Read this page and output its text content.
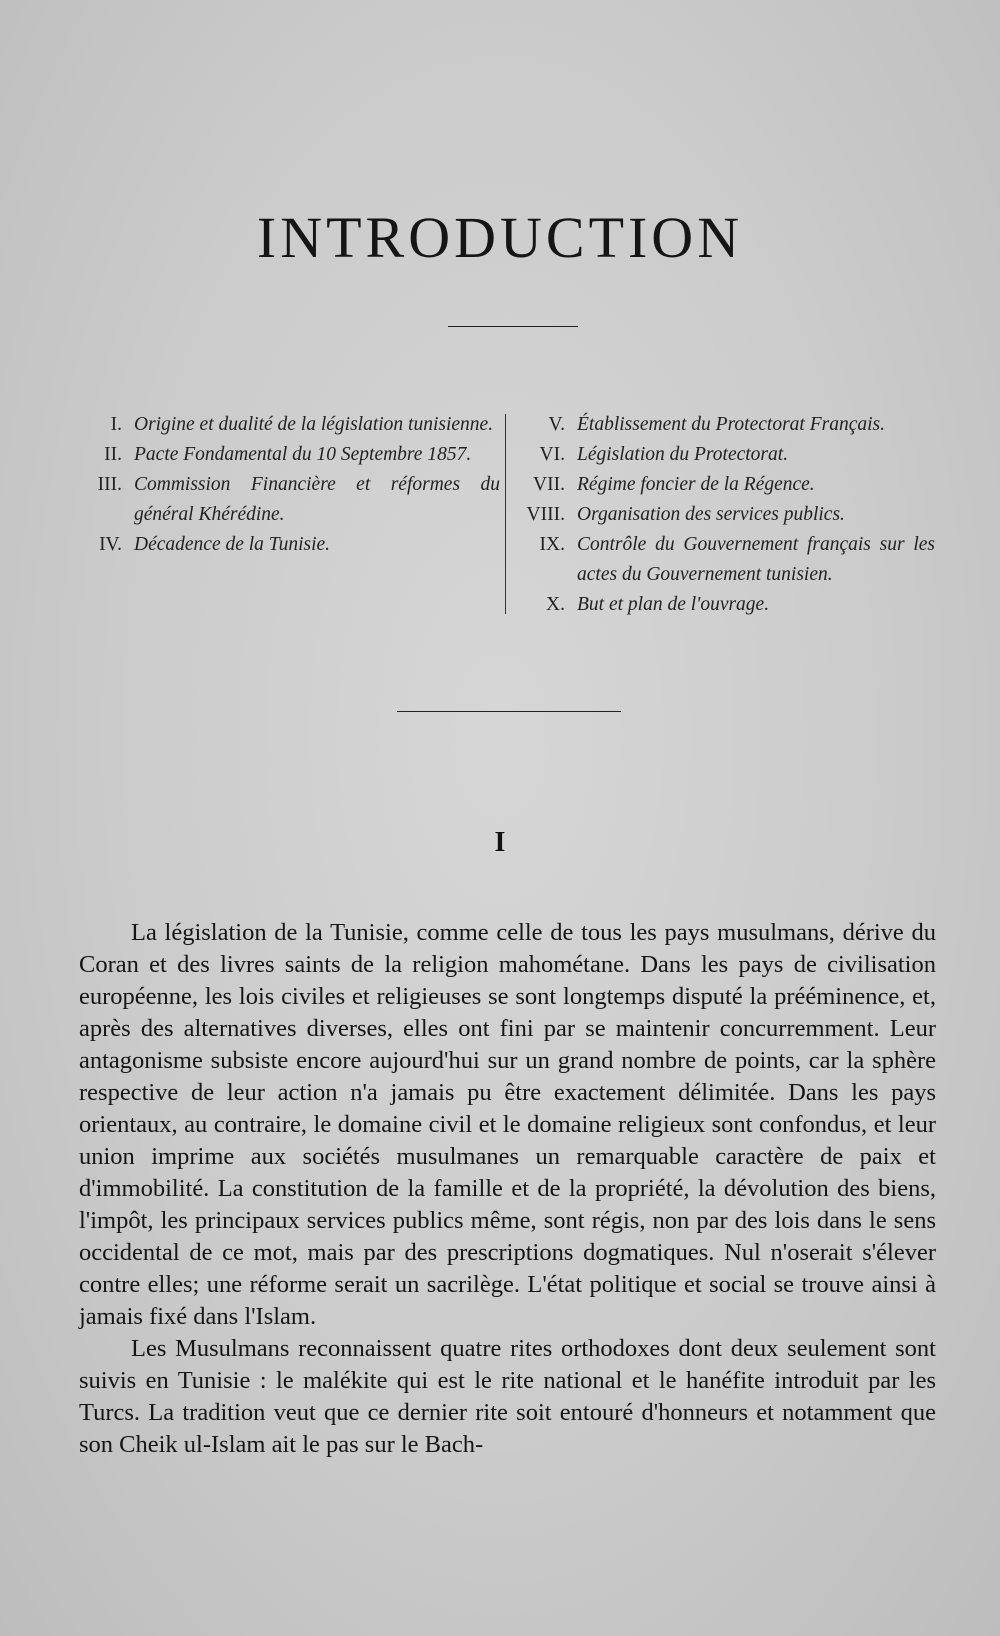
INTRODUCTION
I. Origine et dualité de la législation tunisienne.
II. Pacte Fondamental du 10 Septembre 1857.
III. Commission Financière et réformes du général Khérédine.
IV. Décadence de la Tunisie.
V. Établissement du Protectorat Français.
VI. Législation du Protectorat.
VII. Régime foncier de la Régence.
VIII. Organisation des services publics.
IX. Contrôle du Gouvernement français sur les actes du Gouvernement tunisien.
X. But et plan de l'ouvrage.
I

La législation de la Tunisie, comme celle de tous les pays musulmans, dérive du Coran et des livres saints de la religion mahométane. Dans les pays de civilisation européenne, les lois civiles et religieuses se sont longtemps disputé la prééminence, et, après des alternatives diverses, elles ont fini par se maintenir concurremment. Leur antagonisme subsiste encore aujourd'hui sur un grand nombre de points, car la sphère respective de leur action n'a jamais pu être exactement délimitée. Dans les pays orientaux, au contraire, le domaine civil et le domaine religieux sont confondus, et leur union imprime aux sociétés musulmanes un remarquable caractère de paix et d'immobilité. La constitution de la famille et de la propriété, la dévolution des biens, l'impôt, les principaux services publics même, sont régis, non par des lois dans le sens occidental de ce mot, mais par des prescriptions dogmatiques. Nul n'oserait s'élever contre elles; une réforme serait un sacrilège. L'état politique et social se trouve ainsi à jamais fixé dans l'Islam.

Les Musulmans reconnaissent quatre rites orthodoxes dont deux seulement sont suivis en Tunisie : le malékite qui est le rite national et le hanéfite introduit par les Turcs. La tradition veut que ce dernier rite soit entouré d'honneurs et notamment que son Cheik ul-Islam ait le pas sur le Bach-
